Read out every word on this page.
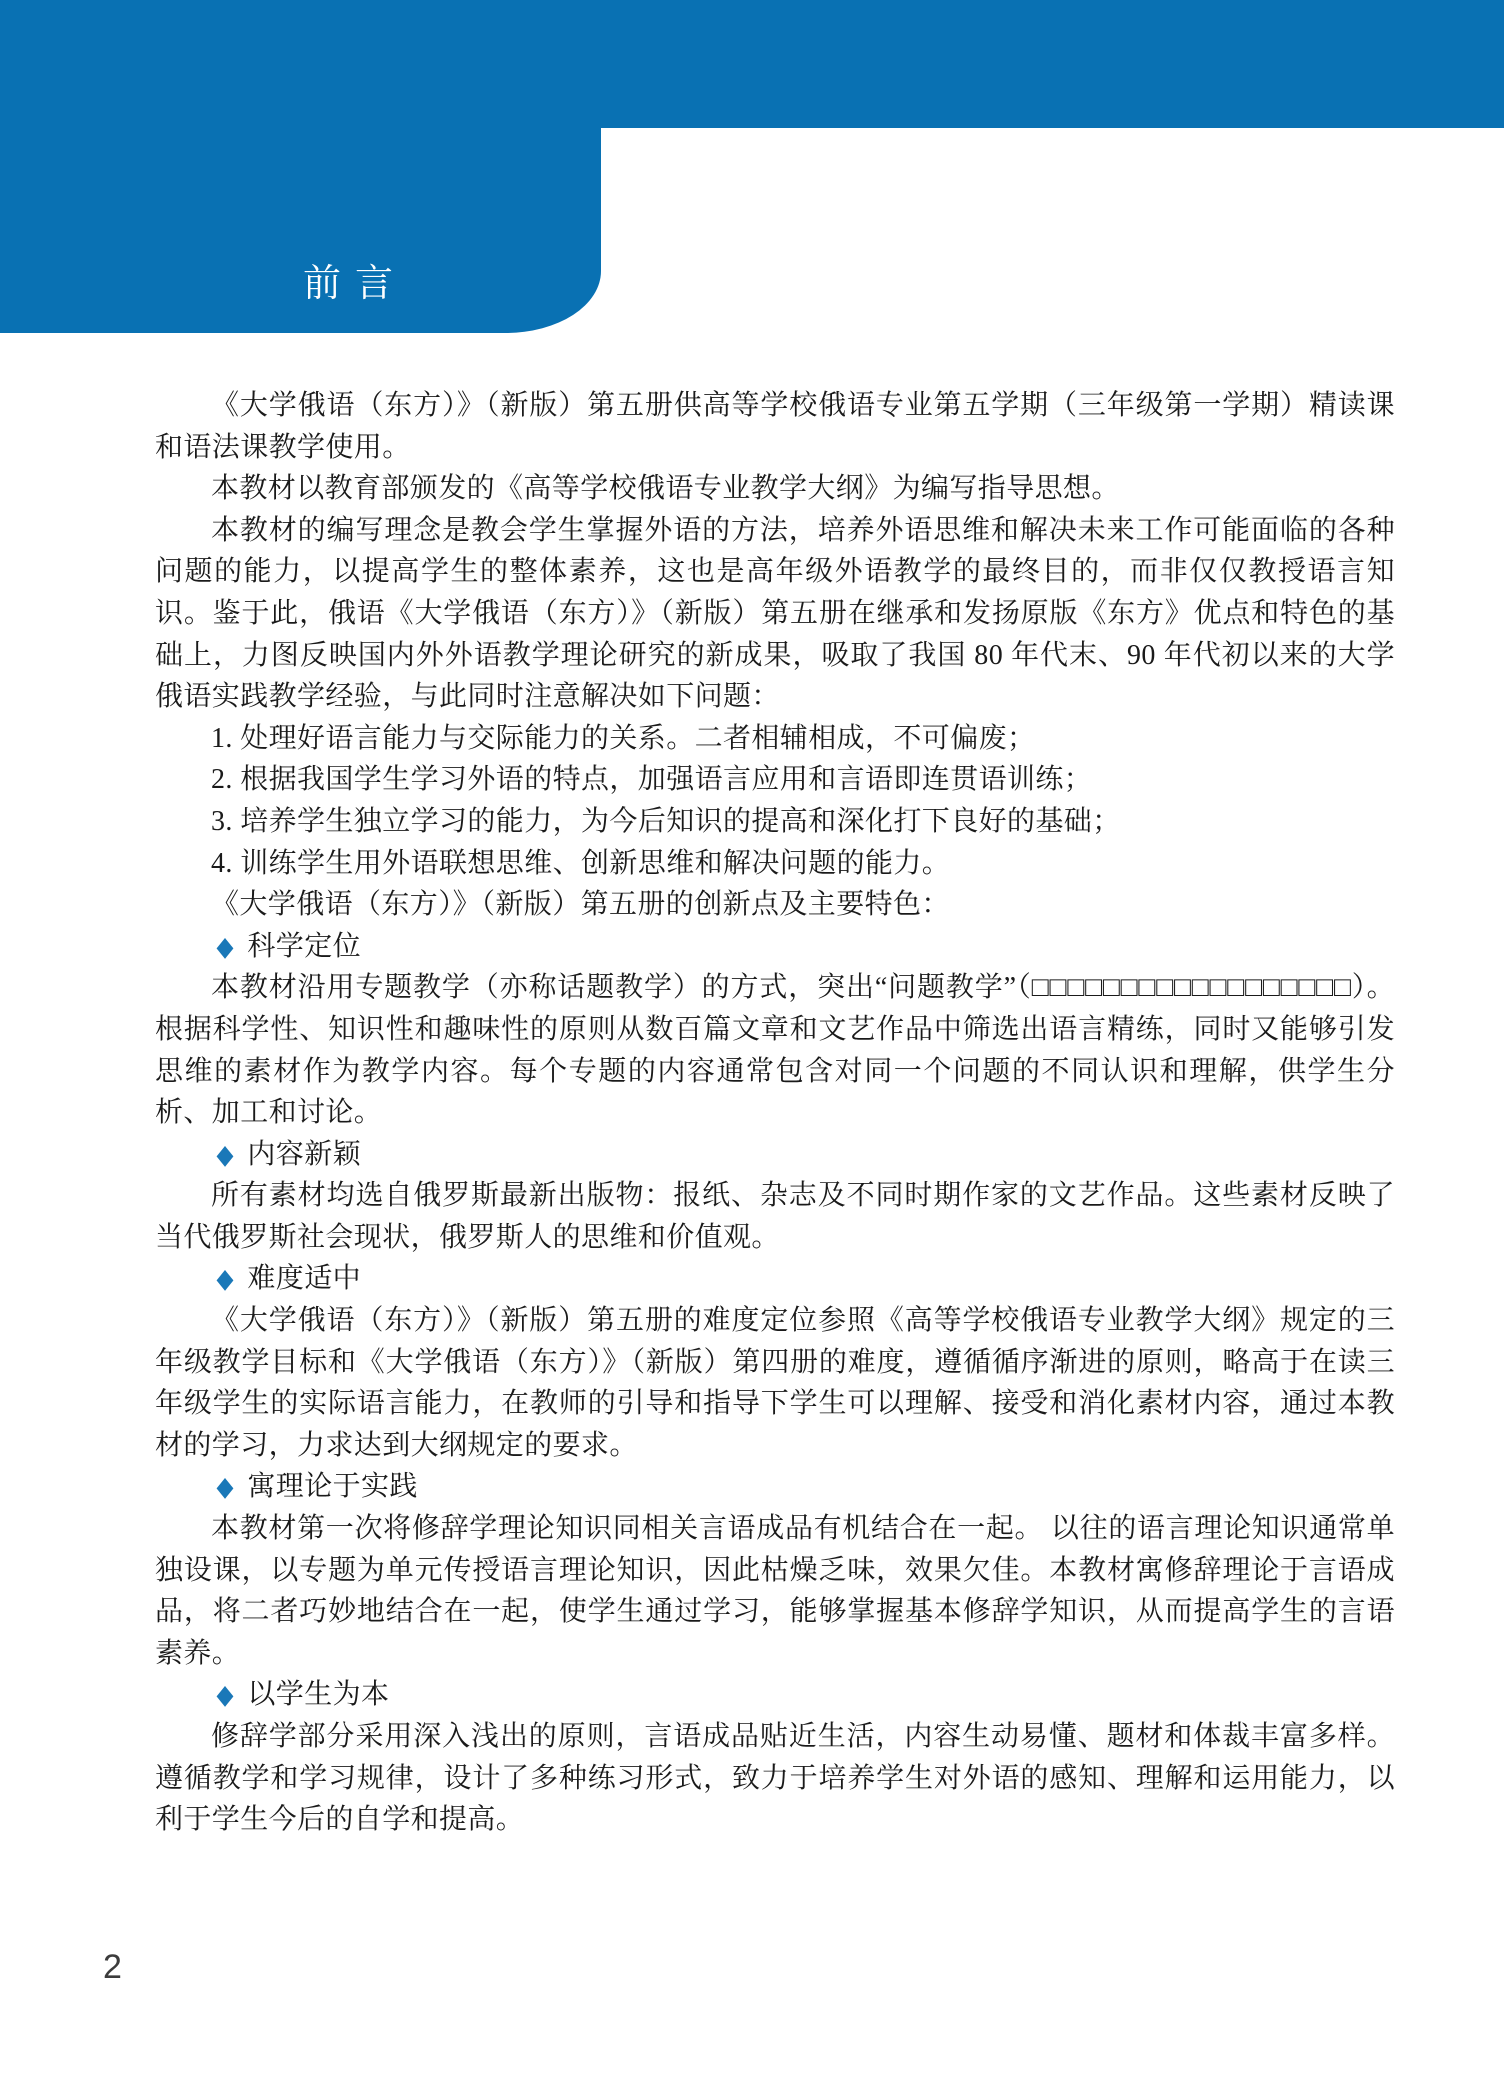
前言

《大学俄语（东方）》（新版）第五册供高等学校俄语专业第五学期（三年级第一学期）精读课和语法课教学使用。

本教材以教育部颁发的《高等学校俄语专业教学大纲》为编写指导思想。

本教材的编写理念是教会学生掌握外语的方法，培养外语思维和解决未来工作可能面临的各种问题的能力，以提高学生的整体素养，这也是高年级外语教学的最终目的，而非仅仅教授语言知识。鉴于此，俄语《大学俄语（东方）》（新版）第五册在继承和发扬原版《东方》优点和特色的基础上，力图反映国内外外语教学理论研究的新成果，吸取了我国 80 年代末、90 年代初以来的大学俄语实践教学经验，与此同时注意解决如下问题：

1. 处理好语言能力与交际能力的关系。二者相辅相成，不可偏废；

2. 根据我国学生学习外语的特点，加强语言应用和言语即连贯语训练；

3. 培养学生独立学习的能力，为今后知识的提高和深化打下良好的基础；

4. 训练学生用外语联想思维、创新思维和解决问题的能力。

《大学俄语（东方）》（新版）第五册的创新点及主要特色：

◆ 科学定位

本教材沿用专题教学（亦称话题教学）的方式，突出“问题教学”（□□□□□□□□□□□□□□□□□□）。根据科学性、知识性和趣味性的原则从数百篇文章和文艺作品中筛选出语言精练，同时又能够引发思维的素材作为教学内容。每个专题的内容通常包含对同一个问题的不同认识和理解，供学生分析、加工和讨论。

◆ 内容新颖

所有素材均选自俄罗斯最新出版物：报纸、杂志及不同时期作家的文艺作品。这些素材反映了当代俄罗斯社会现状，俄罗斯人的思维和价值观。

◆ 难度适中

《大学俄语（东方）》（新版）第五册的难度定位参照《高等学校俄语专业教学大纲》规定的三年级教学目标和《大学俄语（东方）》（新版）第四册的难度，遵循循序渐进的原则，略高于在读三年级学生的实际语言能力，在教师的引导和指导下学生可以理解、接受和消化素材内容，通过本教材的学习，力求达到大纲规定的要求。

◆ 寓理论于实践

本教材第一次将修辞学理论知识同相关言语成品有机结合在一起。 以往的语言理论知识通常单独设课，以专题为单元传授语言理论知识，因此枯燥乏味，效果欠佳。本教材寓修辞理论于言语成品，将二者巧妙地结合在一起，使学生通过学习，能够掌握基本修辞学知识，从而提高学生的言语素养。

◆ 以学生为本

修辞学部分采用深入浅出的原则，言语成品贴近生活，内容生动易懂、题材和体裁丰富多样。遵循教学和学习规律，设计了多种练习形式，致力于培养学生对外语的感知、理解和运用能力，以利于学生今后的自学和提高。

2
